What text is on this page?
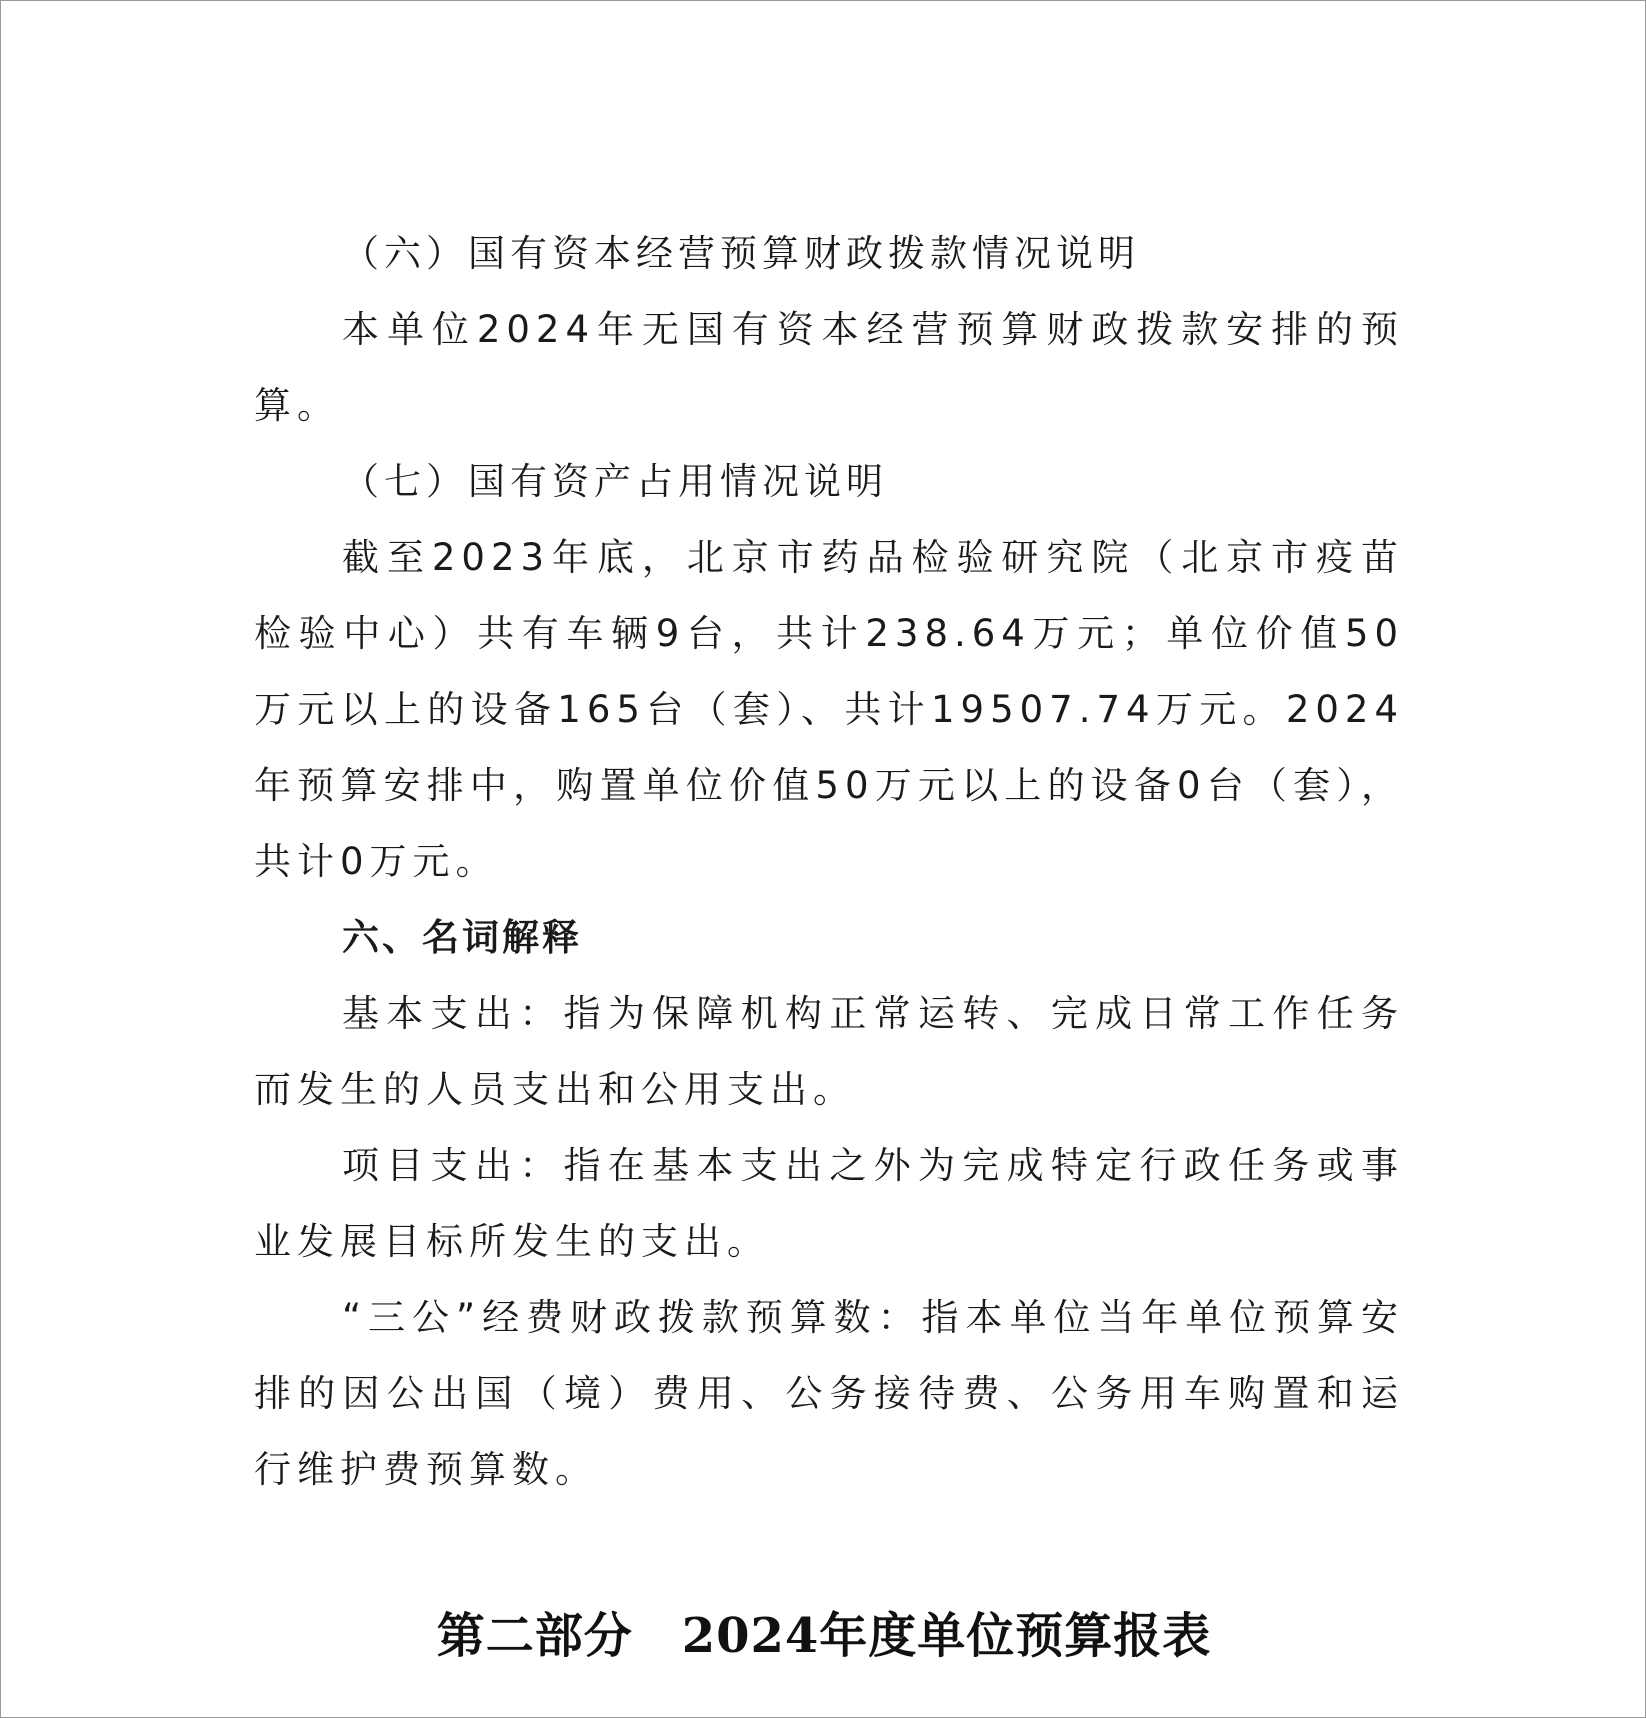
（六）国有资本经营预算财政拨款情况说明

本单位2024年无国有资本经营预算财政拨款安排的预算。

（七）国有资产占用情况说明

截至2023年底，北京市药品检验研究院（北京市疫苗检验中心）共有车辆9台，共计238.64万元；单位价值50万元以上的设备165台（套）、共计19507.74万元。2024年预算安排中，购置单位价值50万元以上的设备0台（套），共计0万元。

六、名词解释

基本支出：指为保障机构正常运转、完成日常工作任务而发生的人员支出和公用支出。

项目支出：指在基本支出之外为完成特定行政任务或事业发展目标所发生的支出。

“三公”经费财政拨款预算数：指本单位当年单位预算安排的因公出国（境）费用、公务接待费、公务用车购置和运行维护费预算数。

第二部分　2024年度单位预算报表
